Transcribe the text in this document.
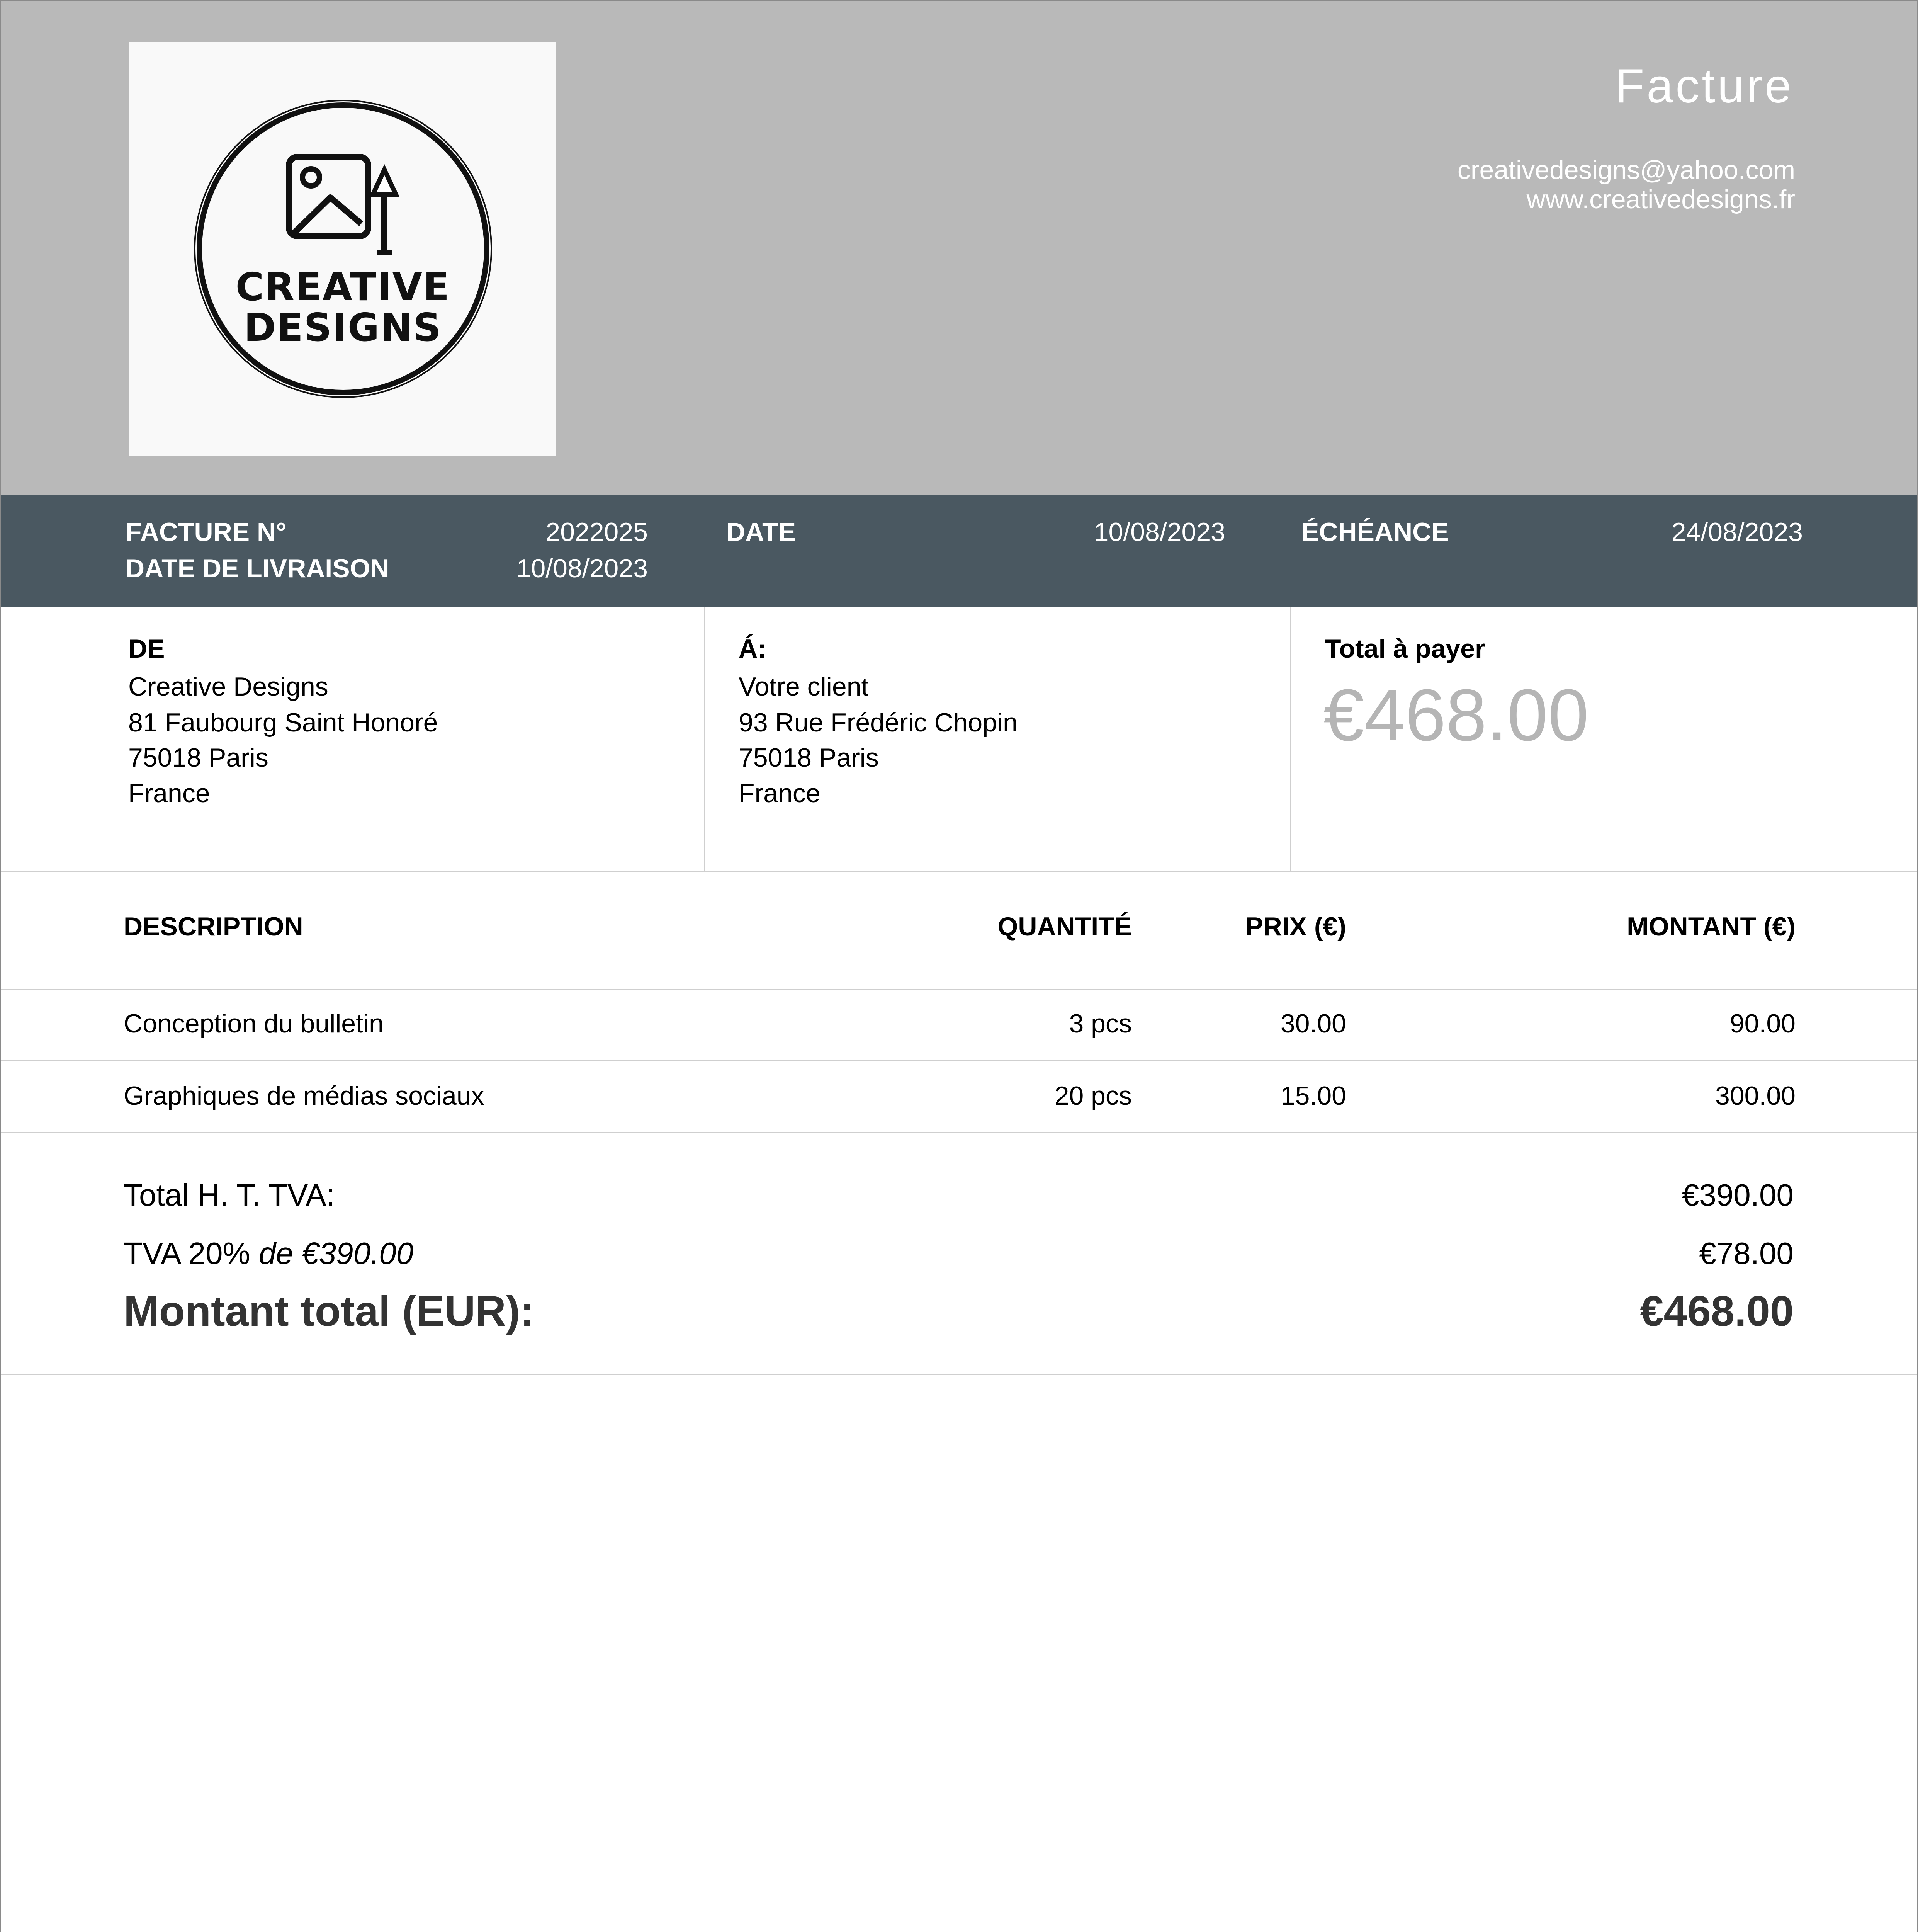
CREATIVE
DESIGNS
Facture
creativedesigns@yahoo.com
www.creativedesigns.fr
FACTURE N°	2022025
DATE DE LIVRAISON	10/08/2023
DATE	10/08/2023	ÉCHÉANCE	24/08/2023
DE
Creative Designs
81 Faubourg Saint Honoré
75018 Paris
France
Á:
Votre client
93 Rue Frédéric Chopin
75018 Paris
France
Total à payer
€468.00
DESCRIPTION	QUANTITÉ	PRIX (€)	MONTANT (€)
Conception du bulletin	3 pcs	30.00	90.00
Graphiques de médias sociaux	20 pcs	15.00	300.00
Total H. T. TVA:	€390.00
TVA 20% de €390.00	€78.00
Montant total (EUR):	€468.00
